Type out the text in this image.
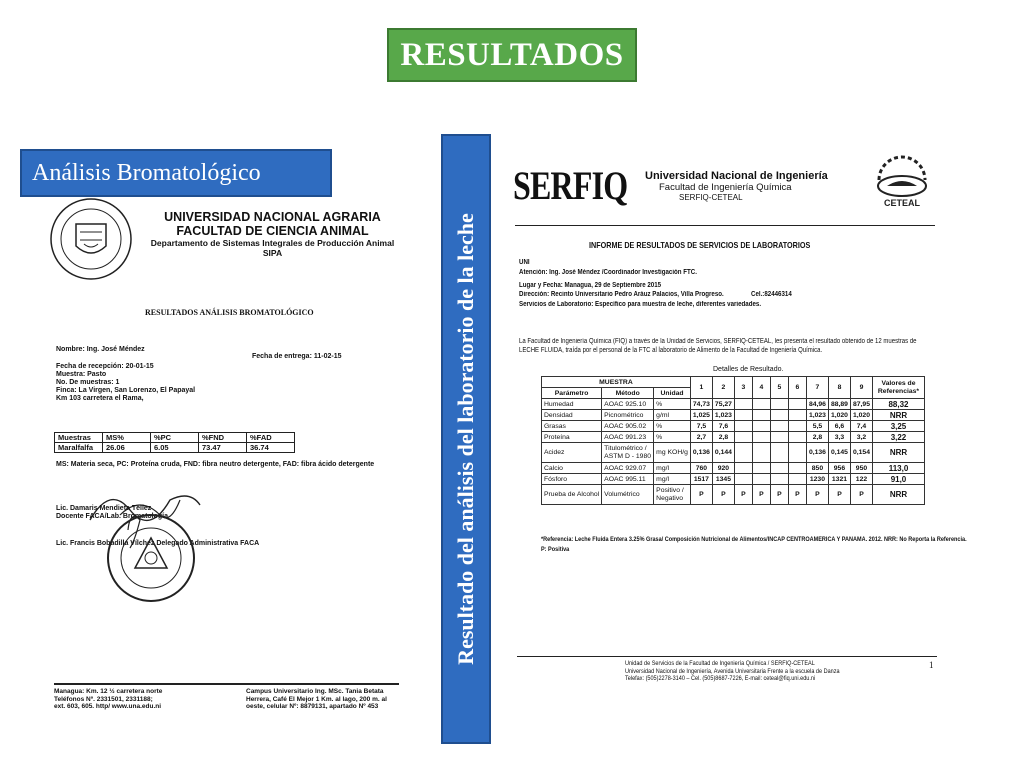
RESULTADOS
UNIVERSIDAD NACIONAL AGRARIA
FACULTAD DE CIENCIA ANIMAL
Departamento de Sistemas Integrales de Producción Animal
SIPA
RESULTADOS ANÁLISIS BROMATOLÓGICO
Nombre: Ing. José Méndez
Fecha de entrega: 11-02-15
Fecha de recepción: 20-01-15
Muestra: Pasto
No. De muestras: 1
Finca: La Virgen, San Lorenzo, El Papayal
Km 103 carretera el Rama,
Muestras	MS%	%PC	%FND	%FAD
Maralfalfa	26.06	6.05	73.47	36.74
MS: Materia seca, PC: Proteína cruda, FND: fibra neutro detergente, FAD: fibra ácido detergente
Lic. Damaris Mendieta Téllez
Docente FACA/Lab. Bromatología
Lic. Francis Bobadilla Vílchez Delegado Administrativa FACA
Managua: Km. 12 ½ carretera norte
Teléfonos Nº. 2331501, 2331188;
ext. 603, 605. http/ www.una.edu.ni
Campus Universitario Ing. MSc. Tania Betata
Herrera, Café El Mejor 1 Km. al lago, 200 m. al
oeste, celular Nº: 8879131, apartado Nº 453
Análisis Bromatológico
Resultado del análisis del laboratorio de la leche
SERFIQ Universidad Nacional de Ingeniería
Facultad de Ingeniería Química
SERFIQ-CETEAL
CETEAL
INFORME DE RESULTADOS DE SERVICIOS DE LABORATORIOS
UNI
Atención: Ing. José Méndez /Coordinador Investigación FTC.
Lugar y Fecha: Managua, 29 de Septiembre 2015
Dirección: Recinto Universitario Pedro Aráuz Palacios, Villa Progreso.	Cel.:82446314
Servicios de Laboratorio: Específico para muestra de leche, diferentes variedades.
La Facultad de Ingeniería Química (FIQ) a través de la Unidad de Servicios, SERFIQ-CETEAL, les presenta el resultado obtenido de 12 muestras de LECHE FLUIDA, traída por el personal de la FTC al laboratorio de Alimento de la Facultad de Ingeniería Química.
Detalles de Resultado.
MUESTRA			1	2	3	4	5	6	7	8	9	Valores de Referencias*
Parámetro	Método	Unidad										
Humedad	AOAC 925.10	%	74,73	75,27					84,96	88,89	87,95	88,32
Densidad	Picnométrico	g/ml	1,025	1,023					1,023	1,020	1,020	NRR
Grasas	AOAC 905.02	%	7,5	7,6					5,5	6,6	7,4	3,25
Proteína	AOAC 991.23	%	2,7	2,8					2,8	3,3	3,2	3,22
Acidez	Titulométrico / ASTM D - 1980	mg KOH/g	0,136	0,144					0,136	0,145	0,154	NRR
Calcio	AOAC 929.07	mg/l	760	920					850	956	950	113,0
Fósforo	AOAC 995.11	mg/l	1517	1345					1230	1321	122	91,0
Prueba de Alcohol	Volumétrico	Positivo / Negativo	P	P	P	P	P	P	P	P	P	NRR
*Referencia: Leche Fluida Entera 3.25% Grasa/ Composición Nutricional de Alimentos/INCAP CENTROAMERICA Y PANAMA. 2012. NRR: No Reporta la Referencia.
P: Positiva
Unidad de Servicios de la Facultad de Ingeniería Química / SERFIQ-CETEAL
Universidad Nacional de Ingeniería, Avenida Universitaria Frente a la escuela de Danza
Telefax: (505)2278-3140 – Cel. (505)8687-7226, E-mail: ceteal@fiq.uni.edu.ni
1
